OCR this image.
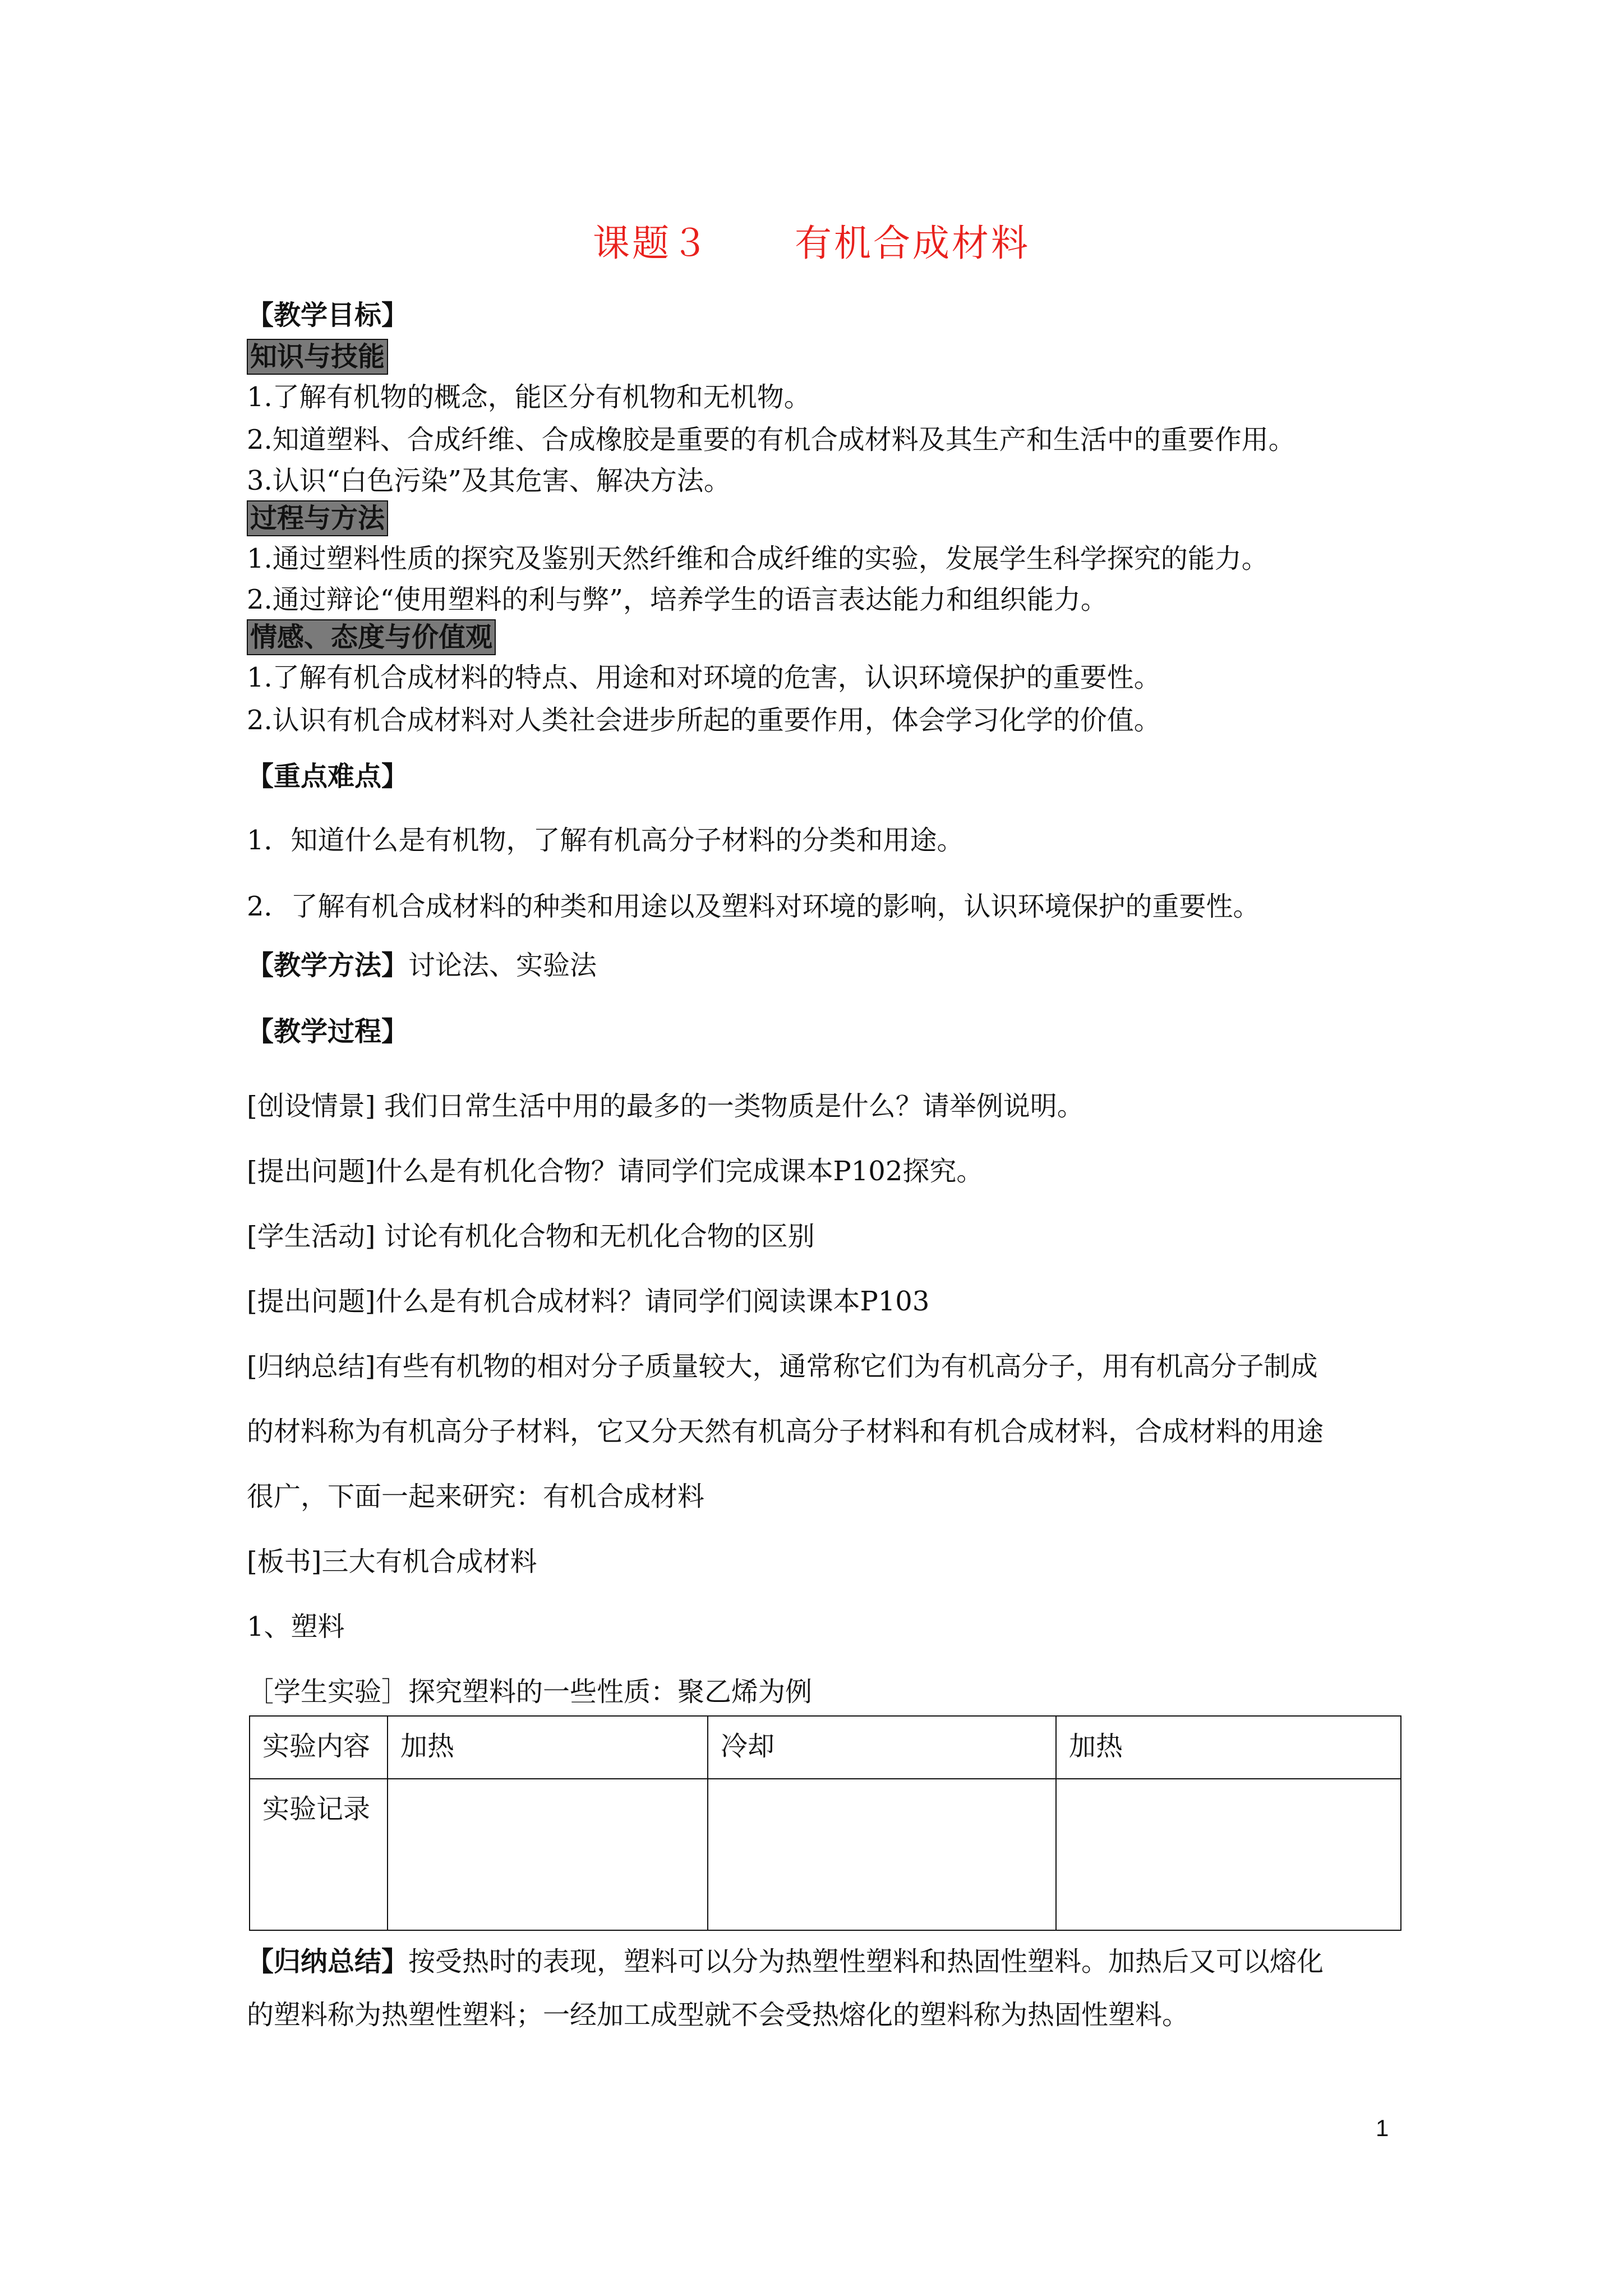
课题３ 有机合成材料
【教学目标】
知识与技能
1.了解有机物的概念，能区分有机物和无机物。
2.知道塑料、合成纤维、合成橡胶是重要的有机合成材料及其生产和生活中的重要作用。
3.认识“白色污染”及其危害、解决方法。
过程与方法
1.通过塑料性质的探究及鉴别天然纤维和合成纤维的实验，发展学生科学探究的能力。
2.通过辩论“使用塑料的利与弊”，培养学生的语言表达能力和组织能力。
情感、态度与价值观
1.了解有机合成材料的特点、用途和对环境的危害，认识环境保护的重要性。
2.认识有机合成材料对人类社会进步所起的重要作用，体会学习化学的价值。
【重点难点】
1．知道什么是有机物，了解有机高分子材料的分类和用途。
2．了解有机合成材料的种类和用途以及塑料对环境的影响，认识环境保护的重要性。
【教学方法】讨论法、实验法
【教学过程】
[创设情景] 我们日常生活中用的最多的一类物质是什么？请举例说明。
[提出问题]什么是有机化合物？请同学们完成课本P102探究。
[学生活动] 讨论有机化合物和无机化合物的区别
[提出问题]什么是有机合成材料？请同学们阅读课本P103
[归纳总结]有些有机物的相对分子质量较大，通常称它们为有机高分子，用有机高分子制成
的材料称为有机高分子材料，它又分天然有机高分子材料和有机合成材料，合成材料的用途
很广，下面一起来研究：有机合成材料
[板书]三大有机合成材料
1、塑料
［学生实验］探究塑料的一些性质：聚乙烯为例
实验内容	加热	冷却	加热
实验记录			
【归纳总结】按受热时的表现，塑料可以分为热塑性塑料和热固性塑料。加热后又可以熔化
的塑料称为热塑性塑料；一经加工成型就不会受热熔化的塑料称为热固性塑料。
1
